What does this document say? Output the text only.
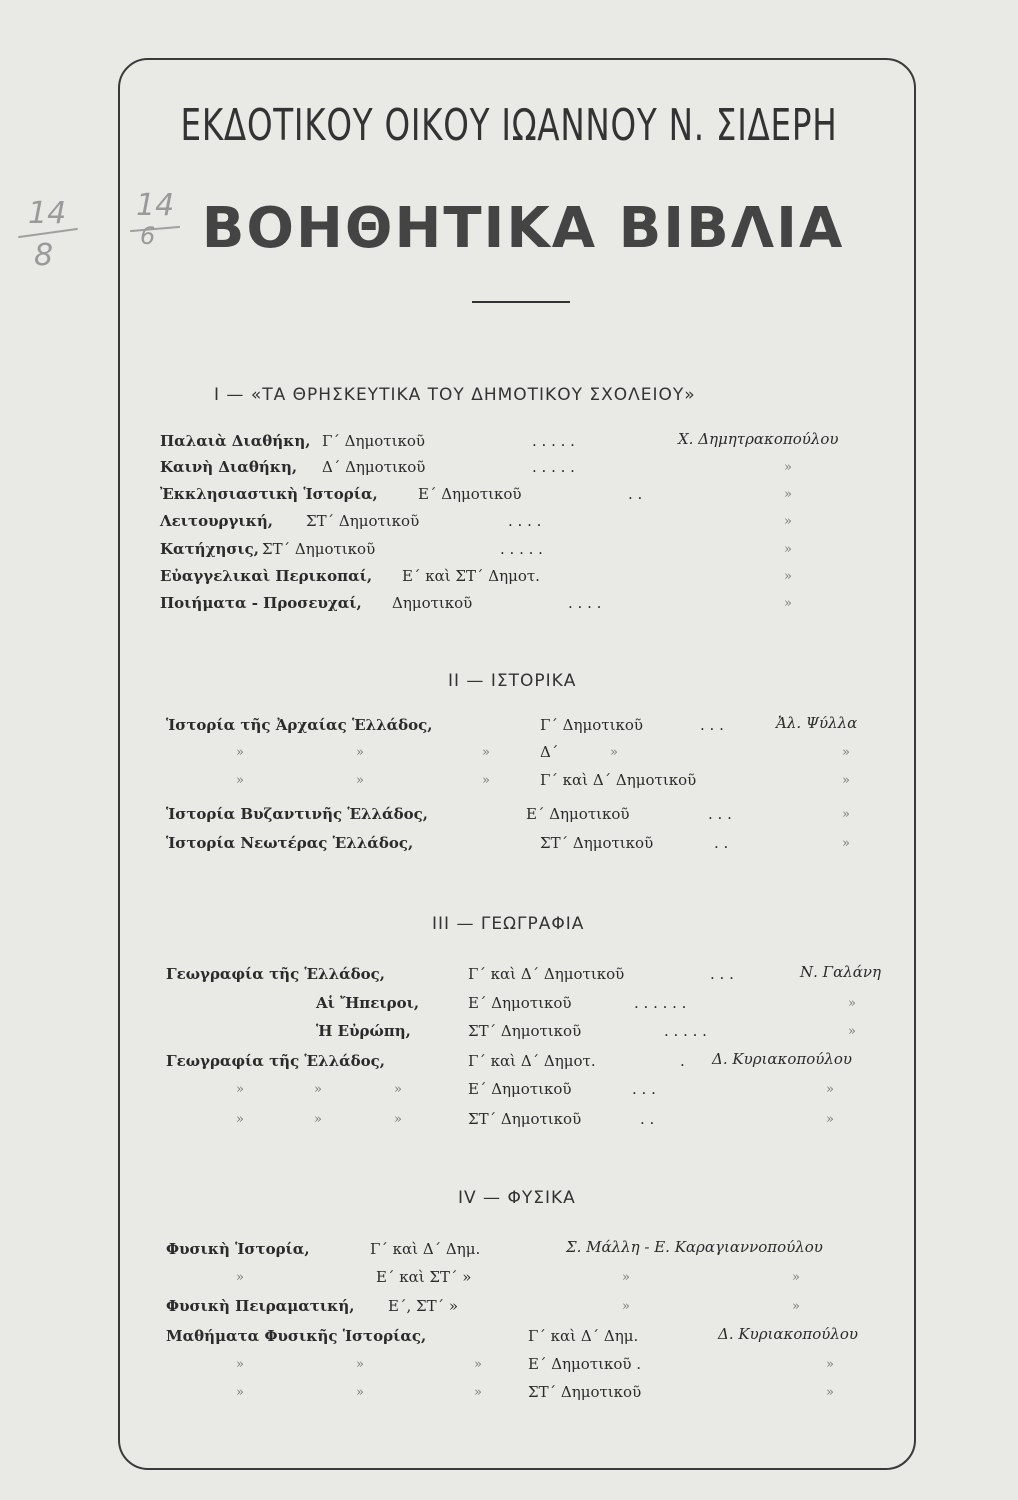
14
8
14
6
ΕΚΔΟΤΙΚΟΥ ΟΙΚΟΥ ΙΩΑΝΝΟΥ Ν. ΣΙΔΕΡΗ
ΒΟΗΘΗΤΙΚΑ ΒΙΒΛΙΑ
I — «ΤΑ ΘΡΗΣΚΕΥΤΙΚΑ ΤΟΥ ΔΗΜΟΤΙΚΟΥ ΣΧΟΛΕΙΟΥ»
Παλαιὰ Διαθήκη, Γ΄ Δημοτικοῦ	. . . . .	Χ. Δημητρακοπούλου
Καινὴ Διαθήκη, Δ΄ Δημοτικοῦ	. . . . .	»
Ἐκκλησιαστικὴ Ἱστορία,	Ε΄ Δημοτικοῦ	. .	»
Λειτουργική, ΣΤ΄ Δημοτικοῦ	. . . .	»
Κατήχησις, ΣΤ΄ Δημοτικοῦ	. . . . .	»
Εὐαγγελικαὶ Περικοπαί, Ε΄ καὶ ΣΤ΄ Δημοτ.	»
Ποιήματα - Προσευχαί, Δημοτικοῦ	. . . .	»
II — ΙΣΤΟΡΙΚΑ
Ἱστορία τῆς Ἀρχαίας Ἑλλάδος,	Γ΄ Δημοτικοῦ	. . .	Ἀλ. Ψύλλα
»	»	»	Δ΄	»	»
»	»	»	Γ΄ καὶ Δ΄ Δημοτικοῦ	»
Ἱστορία Βυζαντινῆς Ἑλλάδος,	Ε΄ Δημοτικοῦ	. . .	»
Ἱστορία Νεωτέρας Ἑλλάδος,	ΣΤ΄ Δημοτικοῦ	. .	»
III — ΓΕΩΓΡΑΦΙΑ
Γεωγραφία τῆς Ἑλλάδος,	Γ΄ καὶ Δ΄ Δημοτικοῦ	. . .	Ν. Γαλάνη
Αἱ Ἤπειροι,	Ε΄ Δημοτικοῦ	. . . . . .	»
Ἡ Εὐρώπη,	ΣΤ΄ Δημοτικοῦ	. . . . .	»
Γεωγραφία τῆς Ἑλλάδος,	Γ΄ καὶ Δ΄ Δημοτ.	. Δ. Κυριακοπούλου
»	»	»	Ε΄ Δημοτικοῦ	. . .	»
»	»	»	ΣΤ΄ Δημοτικοῦ	. .	»
IV — ΦΥΣΙΚΑ
Φυσικὴ Ἱστορία,	Γ΄ καὶ Δ΄ Δημ.	Σ. Μάλλη - Ε. Καραγιαννοπούλου
»	Ε΄ καὶ ΣΤ΄ »	»	»
Φυσικὴ Πειραματική, Ε΄, ΣΤ΄ »	»	»
Μαθήματα Φυσικῆς Ἱστορίας,	Γ΄ καὶ Δ΄ Δημ.	Δ. Κυριακοπούλου
»	»	»	Ε΄ Δημοτικοῦ .	»
»	»	»	ΣΤ΄ Δημοτικοῦ	»
